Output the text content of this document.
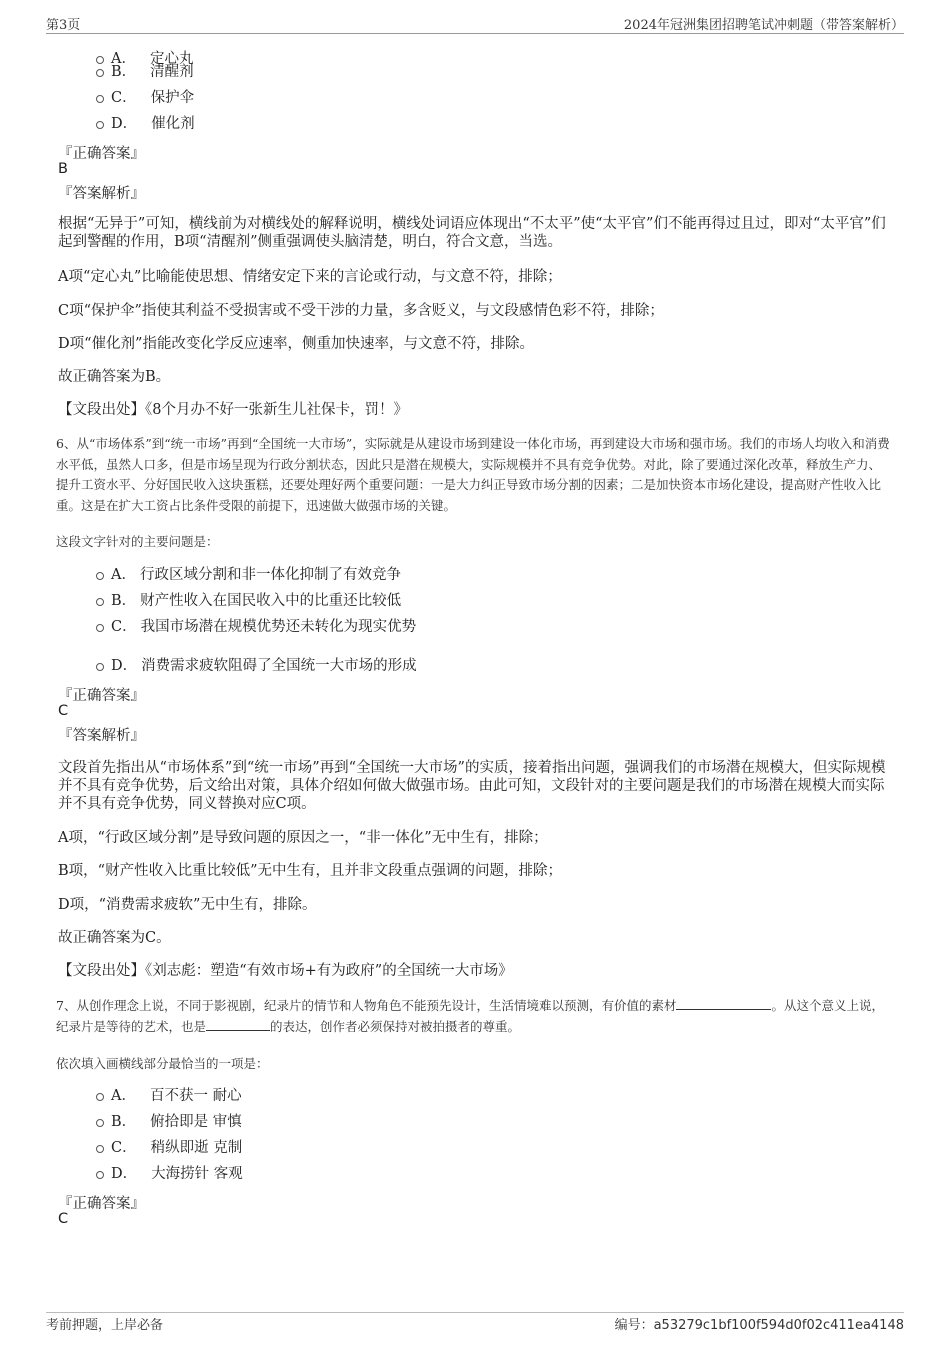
第3页	2024年冠洲集团招聘笔试冲刺题（带答案解析）
A． 定心丸
B． 清醒剂
C． 保护伞
D． 催化剂
『正确答案』
B
『答案解析』
根据“无异于”可知，横线前为对横线处的解释说明，横线处词语应体现出“不太平”使“太平官”们不能再得过且过，即对“太平官”们起到警醒的作用，B项“清醒剂”侧重强调使头脑清楚，明白，符合文意，当选。
A项“定心丸”比喻能使思想、情绪安定下来的言论或行动，与文意不符，排除；
C项“保护伞”指使其利益不受损害或不受干涉的力量，多含贬义，与文段感情色彩不符，排除；
D项“催化剂”指能改变化学反应速率，侧重加快速率，与文意不符，排除。
故正确答案为B。
【文段出处】《8个月办不好一张新生儿社保卡，罚！》
6、从“市场体系”到“统一市场”再到“全国统一大市场”，实际就是从建设市场到建设一体化市场，再到建设大市场和强市场。我们的市场人均收入和消费水平低，虽然人口多，但是市场呈现为行政分割状态，因此只是潜在规模大，实际规模并不具有竞争优势。对此，除了要通过深化改革，释放生产力、提升工资水平、分好国民收入这块蛋糕，还要处理好两个重要问题：一是大力纠正导致市场分割的因素；二是加快资本市场化建设，提高财产性收入比重。这是在扩大工资占比条件受限的前提下，迅速做大做强市场的关键。
这段文字针对的主要问题是：
A． 行政区域分割和非一体化抑制了有效竞争
B． 财产性收入在国民收入中的比重还比较低
C． 我国市场潜在规模优势还未转化为现实优势
D． 消费需求疲软阻碍了全国统一大市场的形成
『正确答案』
C
『答案解析』
文段首先指出从“市场体系”到“统一市场”再到“全国统一大市场”的实质，接着指出问题，强调我们的市场潜在规模大，但实际规模并不具有竞争优势，后文给出对策，具体介绍如何做大做强市场。由此可知，文段针对的主要问题是我们的市场潜在规模大而实际并不具有竞争优势，同义替换对应C项。
A项，“行政区域分割”是导致问题的原因之一，“非一体化”无中生有，排除；
B项，“财产性收入比重比较低”无中生有，且并非文段重点强调的问题，排除；
D项，“消费需求疲软”无中生有，排除。
故正确答案为C。
【文段出处】《刘志彪：塑造“有效市场+有为政府”的全国统一大市场》
7、从创作理念上说，不同于影视剧，纪录片的情节和人物角色不能预先设计，生活情境难以预测，有价值的素材	。从这个意义上说，纪录片是等待的艺术，也是	的表达，创作者必须保持对被拍摄者的尊重。
依次填入画横线部分最恰当的一项是：
A． 百不获一 耐心
B． 俯拾即是 审慎
C． 稍纵即逝 克制
D． 大海捞针 客观
『正确答案』
C
考前押题，上岸必备	编号：a53279c1bf100f594d0f02c411ea4148
